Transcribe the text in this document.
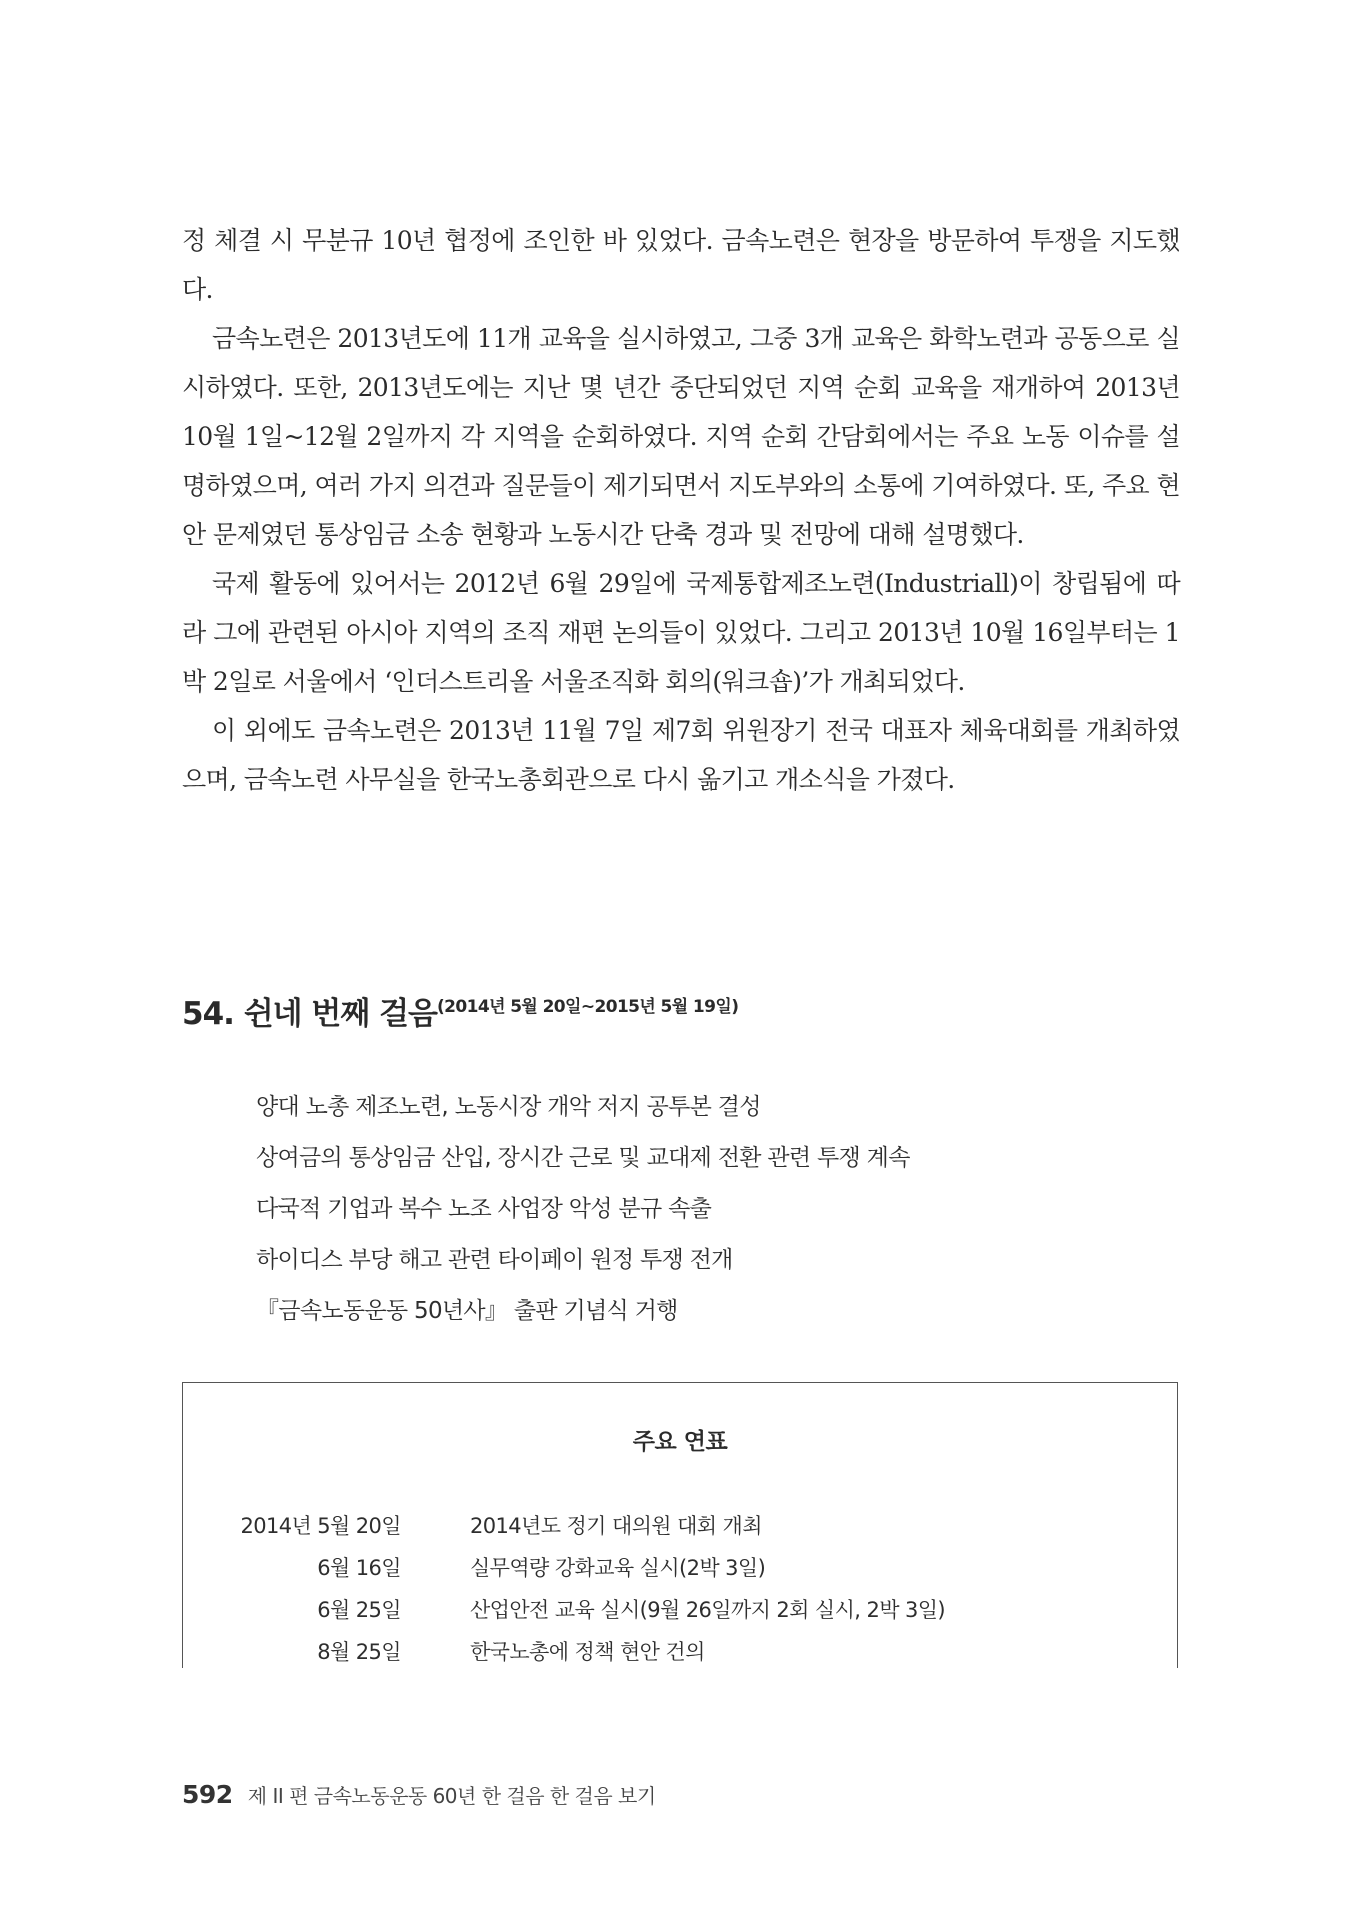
정 체결 시 무분규 10년 협정에 조인한 바 있었다. 금속노련은 현장을 방문하여 투쟁을 지도했다.

금속노련은 2013년도에 11개 교육을 실시하였고, 그중 3개 교육은 화학노련과 공동으로 실시하였다. 또한, 2013년도에는 지난 몇 년간 중단되었던 지역 순회 교육을 재개하여 2013년 10월 1일~12월 2일까지 각 지역을 순회하였다. 지역 순회 간담회에서는 주요 노동 이슈를 설명하였으며, 여러 가지 의견과 질문들이 제기되면서 지도부와의 소통에 기여하였다. 또, 주요 현안 문제였던 통상임금 소송 현황과 노동시간 단축 경과 및 전망에 대해 설명했다.

국제 활동에 있어서는 2012년 6월 29일에 국제통합제조노련(Industriall)이 창립됨에 따라 그에 관련된 아시아 지역의 조직 재편 논의들이 있었다. 그리고 2013년 10월 16일부터는 1박 2일로 서울에서 ‘인더스트리올 서울조직화 회의(워크숍)’가 개최되었다.

이 외에도 금속노련은 2013년 11월 7일 제7회 위원장기 전국 대표자 체육대회를 개최하였으며, 금속노련 사무실을 한국노총회관으로 다시 옮기고 개소식을 가졌다.

54. 쉰네 번째 걸음$^{(2014년 5월 20일\sim 2015년 5월 19일)}$
양대 노총 제조노련, 노동시장 개악 저지 공투본 결성
상여금의 통상임금 산입, 장시간 근로 및 교대제 전환 관련 투쟁 계속
다국적 기업과 복수 노조 사업장 악성 분규 속출
하이디스 부당 해고 관련 타이페이 원정 투쟁 전개
『금속노동운동 50년사』 출판 기념식 거행
주요 연표
2014년 5월 20일	2014년도 정기 대의원 대회 개최
6월 16일	실무역량 강화교육 실시(2박 3일)
6월 25일	산업안전 교육 실시(9월 26일까지 2회 실시, 2박 3일)
8월 25일	한국노총에 정책 현안 건의
592 제 II 편 금속노동운동 60년 한 걸음 한 걸음 보기
